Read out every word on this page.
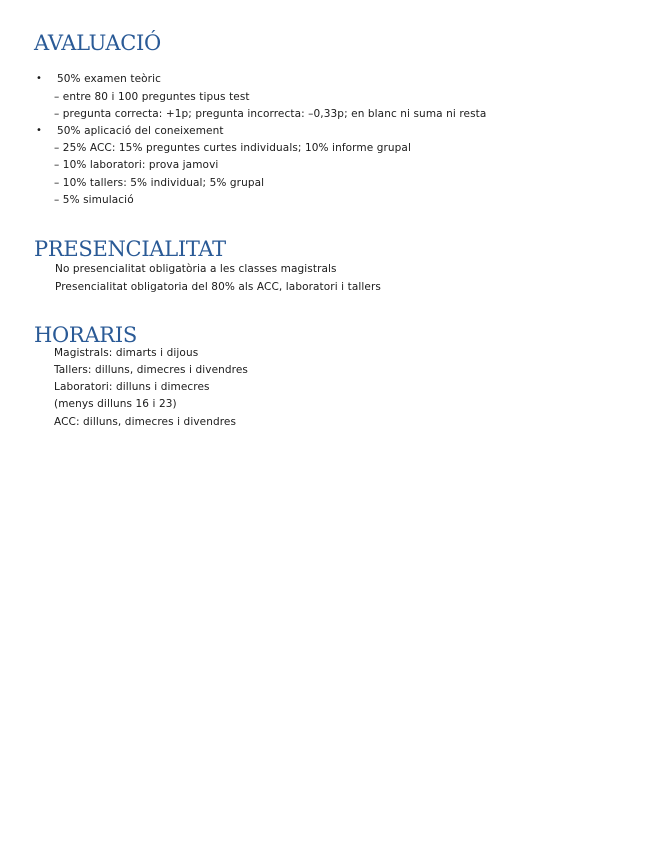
AVALUACIÓ
• 50% examen teòric

– entre 80 i 100 preguntes tipus test

– pregunta correcta: +1p; pregunta incorrecta: –0,33p; en blanc ni suma ni resta

• 50% aplicació del coneixement

– 25% ACC: 15% preguntes curtes individuals; 10% informe grupal

– 10% laboratori: prova jamovi

– 10% tallers: 5% individual; 5% grupal

– 5% simulació

PRESENCIALITAT

No presencialitat obligatòria a les classes magistrals

Presencialitat obligatoria del 80% als ACC, laboratori i tallers

HORARIS

Magistrals: dimarts i dijous

Tallers: dilluns, dimecres i divendres

Laboratori: dilluns i dimecres

(menys dilluns 16 i 23)

ACC: dilluns, dimecres i divendres
